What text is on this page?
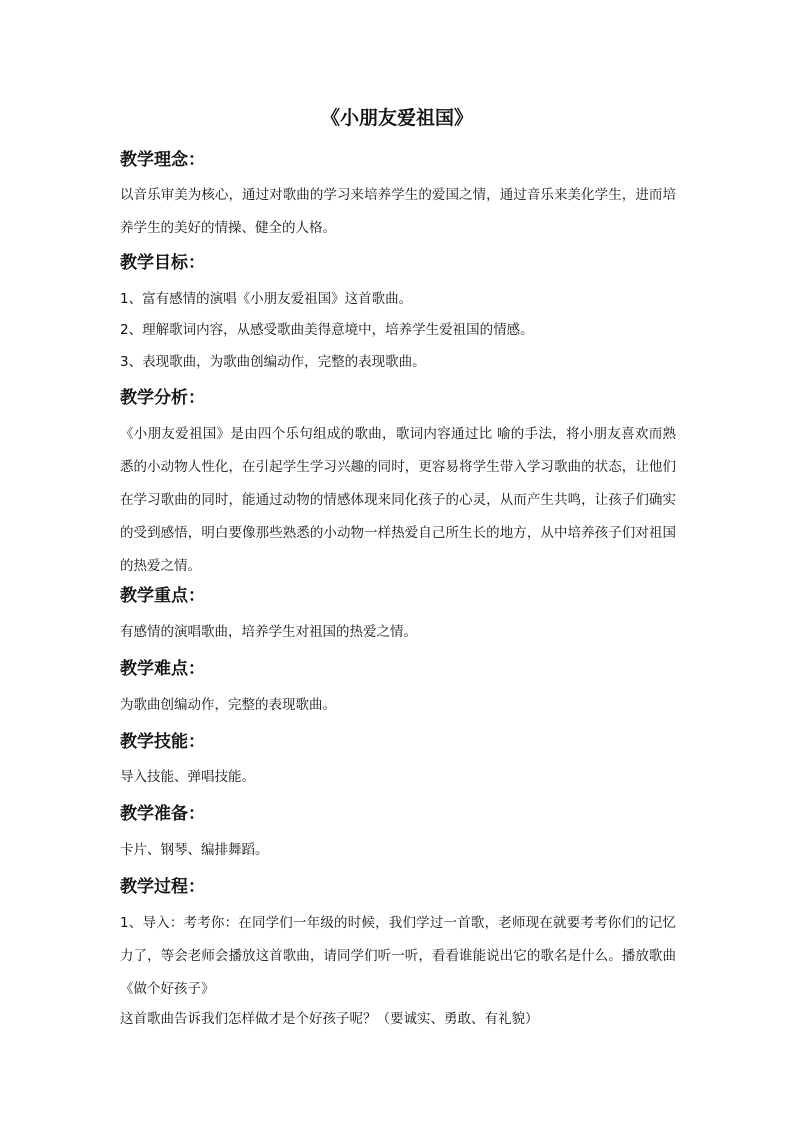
《小朋友爱祖国》
教学理念：
以音乐审美为核心，通过对歌曲的学习来培养学生的爱国之情，通过音乐来美化学生，进而培养学生的美好的情操、健全的人格。
教学目标：
1、富有感情的演唱《小朋友爱祖国》这首歌曲。
2、理解歌词内容，从感受歌曲美得意境中，培养学生爱祖国的情感。
3、表现歌曲，为歌曲创编动作，完整的表现歌曲。
教学分析：
《小朋友爱祖国》是由四个乐句组成的歌曲，歌词内容通过比 喻的手法，将小朋友喜欢而熟悉的小动物人性化，在引起学生学习兴趣的同时，更容易将学生带入学习歌曲的状态，让他们在学习歌曲的同时，能通过动物的情感体现来同化孩子的心灵，从而产生共鸣，让孩子们确实的受到感悟，明白要像那些熟悉的小动物一样热爱自己所生长的地方，从中培养孩子们对祖国的热爱之情。
教学重点：
有感情的演唱歌曲，培养学生对祖国的热爱之情。
教学难点：
为歌曲创编动作，完整的表现歌曲。
教学技能：
导入技能、弹唱技能。
教学准备：
卡片、钢琴、编排舞蹈。
教学过程：
1、导入：考考你：在同学们一年级的时候，我们学过一首歌，老师现在就要考考你们的记忆力了，等会老师会播放这首歌曲，请同学们听一听，看看谁能说出它的歌名是什么。播放歌曲《做个好孩子》
这首歌曲告诉我们怎样做才是个好孩子呢？（要诚实、勇敢、有礼貌）
